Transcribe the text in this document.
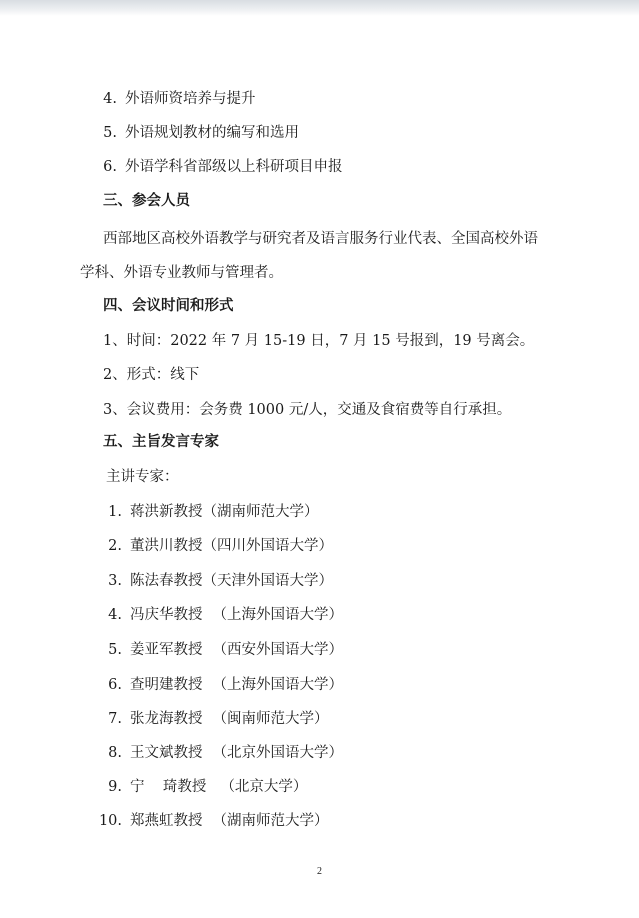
4. 外语师资培养与提升
5. 外语规划教材的编写和选用
6. 外语学科省部级以上科研项目申报
三、参会人员
西部地区高校外语教学与研究者及语言服务行业代表、全国高校外语
学科、外语专业教师与管理者。
四、会议时间和形式
1、时间：2022 年 7 月 15-19 日，7 月 15 号报到，19 号离会。
2、形式：线下
3、会议费用：会务费 1000 元/人，交通及食宿费等自行承担。
五、主旨发言专家
主讲专家：
1. 蒋洪新教授（湖南师范大学）
2. 董洪川教授（四川外国语大学）
3. 陈法春教授（天津外国语大学）
4. 冯庆华教授 （上海外国语大学）
5. 姜亚军教授 （西安外国语大学）
6. 查明建教授 （上海外国语大学）
7. 张龙海教授 （闽南师范大学）
8. 王文斌教授 （北京外国语大学）
9. 宁    琦教授 （北京大学）
10. 郑燕虹教授 （湖南师范大学）
2
